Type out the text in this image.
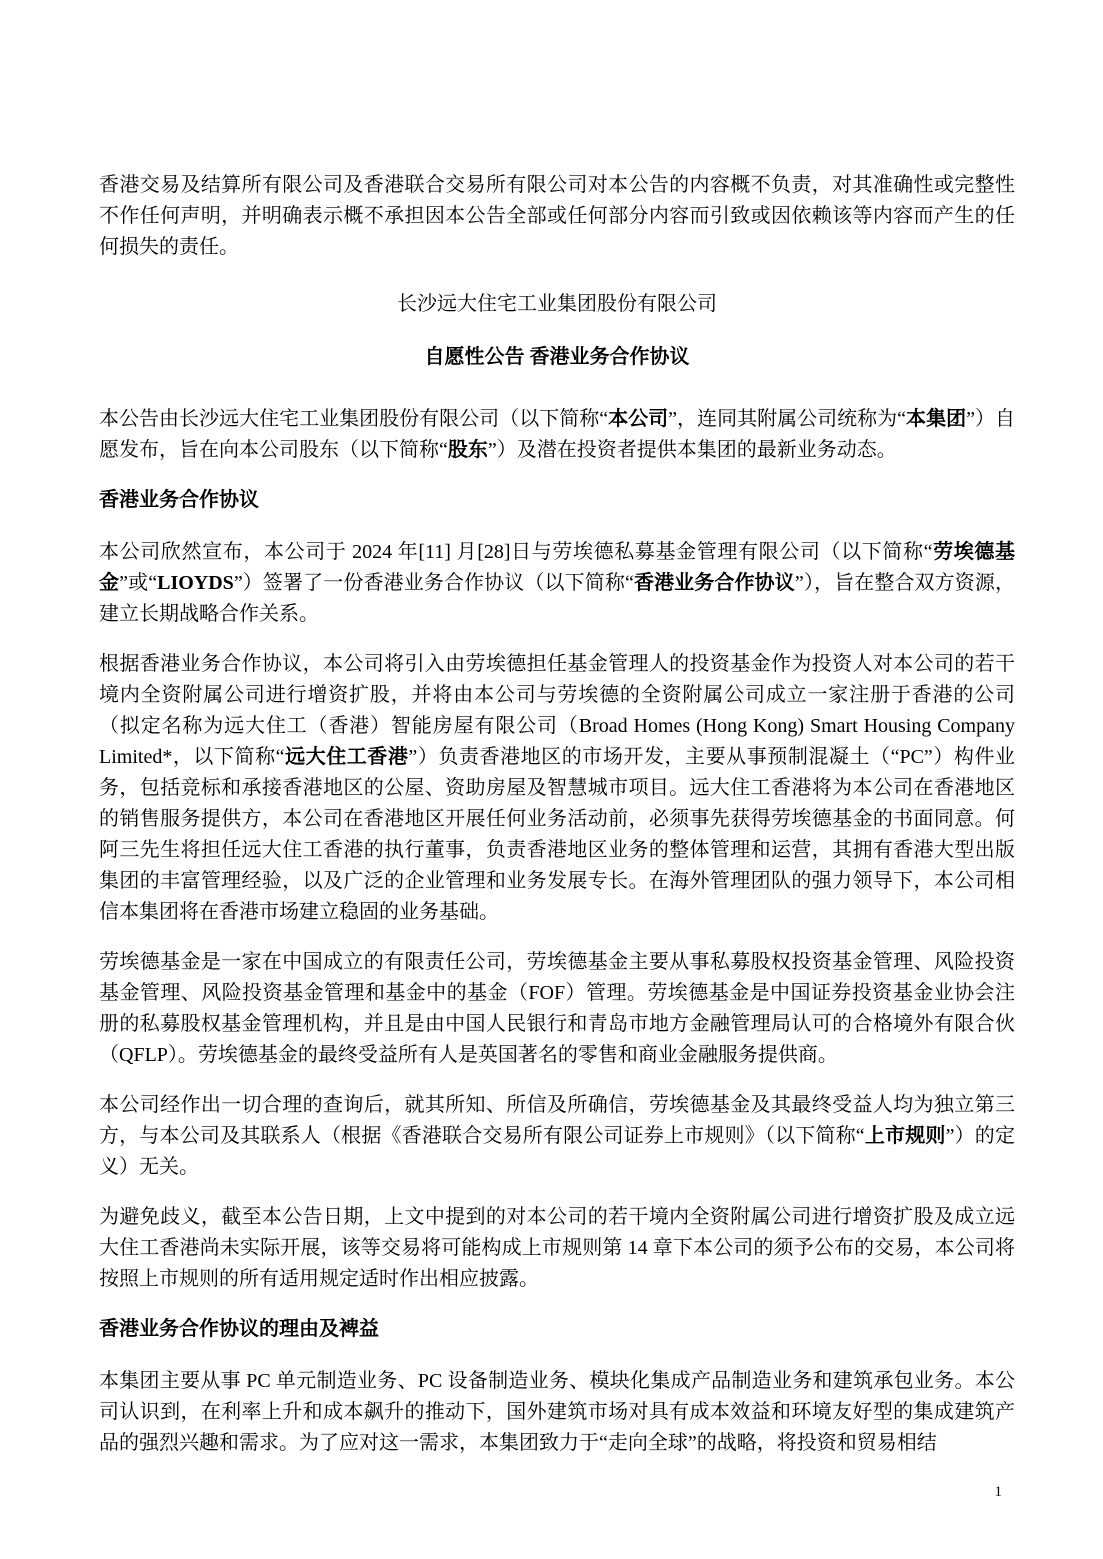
香港交易及结算所有限公司及香港联合交易所有限公司对本公告的内容概不负责，对其准确性或完整性不作任何声明，并明确表示概不承担因本公告全部或任何部分内容而引致或因依赖该等内容而产生的任何损失的责任。

长沙远大住宅工业集团股份有限公司

自愿性公告 香港业务合作协议

本公告由长沙远大住宅工业集团股份有限公司（以下简称“本公司”，连同其附属公司统称为“本集团”）自愿发布，旨在向本公司股东（以下简称“股东”）及潜在投资者提供本集团的最新业务动态。

香港业务合作协议

本公司欣然宣布，本公司于 2024 年[11] 月[28]日与劳埃德私募基金管理有限公司（以下简称“劳埃德基金”或“LIOYDS”）签署了一份香港业务合作协议（以下简称“香港业务合作协议”），旨在整合双方资源，建立长期战略合作关系。

根据香港业务合作协议，本公司将引入由劳埃德担任基金管理人的投资基金作为投资人对本公司的若干境内全资附属公司进行增资扩股，并将由本公司与劳埃德的全资附属公司成立一家注册于香港的公司（拟定名称为远大住工（香港）智能房屋有限公司（Broad Homes (Hong Kong) Smart Housing Company Limited*，以下简称“远大住工香港”）负责香港地区的市场开发，主要从事预制混凝土（“PC”）构件业务，包括竞标和承接香港地区的公屋、资助房屋及智慧城市项目。远大住工香港将为本公司在香港地区的销售服务提供方，本公司在香港地区开展任何业务活动前，必须事先获得劳埃德基金的书面同意。何阿三先生将担任远大住工香港的执行董事，负责香港地区业务的整体管理和运营，其拥有香港大型出版集团的丰富管理经验，以及广泛的企业管理和业务发展专长。在海外管理团队的强力领导下，本公司相信本集团将在香港市场建立稳固的业务基础。

劳埃德基金是一家在中国成立的有限责任公司，劳埃德基金主要从事私募股权投资基金管理、风险投资基金管理、风险投资基金管理和基金中的基金（FOF）管理。劳埃德基金是中国证券投资基金业协会注册的私募股权基金管理机构，并且是由中国人民银行和青岛市地方金融管理局认可的合格境外有限合伙（QFLP）。劳埃德基金的最终受益所有人是英国著名的零售和商业金融服务提供商。

本公司经作出一切合理的查询后，就其所知、所信及所确信，劳埃德基金及其最终受益人均为独立第三方，与本公司及其联系人（根据《香港联合交易所有限公司证券上市规则》（以下简称“上市规则”）的定义）无关。

为避免歧义，截至本公告日期，上文中提到的对本公司的若干境内全资附属公司进行增资扩股及成立远大住工香港尚未实际开展，该等交易将可能构成上市规则第 14 章下本公司的须予公布的交易，本公司将按照上市规则的所有适用规定适时作出相应披露。

香港业务合作协议的理由及裨益

本集团主要从事 PC 单元制造业务、PC 设备制造业务、模块化集成产品制造业务和建筑承包业务。本公司认识到，在利率上升和成本飙升的推动下，国外建筑市场对具有成本效益和环境友好型的集成建筑产品的强烈兴趣和需求。为了应对这一需求，本集团致力于“走向全球”的战略，将投资和贸易相结

1
